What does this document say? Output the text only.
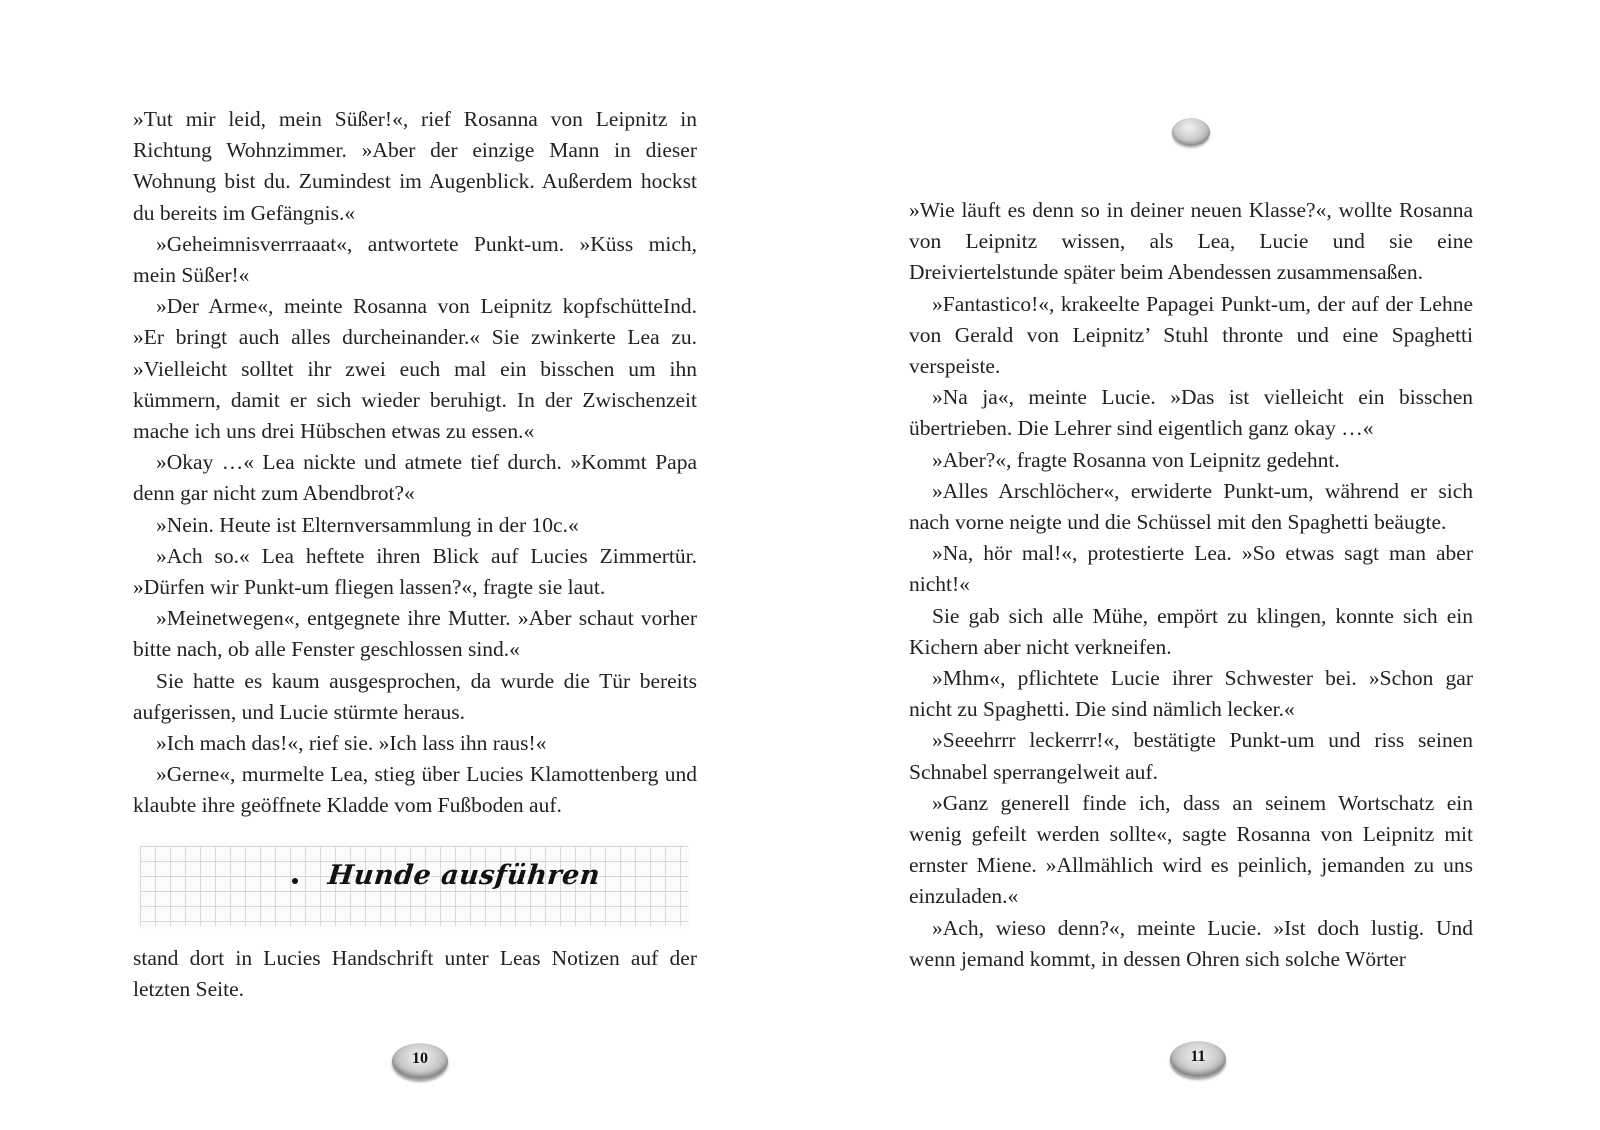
»Tut mir leid, mein Süßer!«, rief Rosanna von Leipnitz in Richtung Wohnzimmer. »Aber der einzige Mann in dieser Wohnung bist du. Zumindest im Augenblick. Außerdem hockst du bereits im Gefängnis.«

»Geheimnisverrraaat«, antwortete Punkt-um. »Küss mich, mein Süßer!«

»Der Arme«, meinte Rosanna von Leipnitz kopfschütteInd. »Er bringt auch alles durcheinander.« Sie zwinkerte Lea zu. »Vielleicht solltet ihr zwei euch mal ein bisschen um ihn kümmern, damit er sich wieder beruhigt. In der Zwischenzeit mache ich uns drei Hübschen etwas zu essen.«

»Okay …« Lea nickte und atmete tief durch. »Kommt Papa denn gar nicht zum Abendbrot?«

»Nein. Heute ist Elternversammlung in der 10c.«

»Ach so.« Lea heftete ihren Blick auf Lucies Zimmertür. »Dürfen wir Punkt-um fliegen lassen?«, fragte sie laut.

»Meinetwegen«, entgegnete ihre Mutter. »Aber schaut vorher bitte nach, ob alle Fenster geschlossen sind.«

Sie hatte es kaum ausgesprochen, da wurde die Tür bereits aufgerissen, und Lucie stürmte heraus.

»Ich mach das!«, rief sie. »Ich lass ihn raus!«

»Gerne«, murmelte Lea, stieg über Lucies Klamottenberg und klaubte ihre geöffnete Kladde vom Fußboden auf.

Hunde ausführen

stand dort in Lucies Handschrift unter Leas Notizen auf der letzten Seite.

10

»Wie läuft es denn so in deiner neuen Klasse?«, wollte Rosanna von Leipnitz wissen, als Lea, Lucie und sie eine Dreiviertelstunde später beim Abendessen zusammensaßen.

»Fantastico!«, krakeelte Papagei Punkt-um, der auf der Lehne von Gerald von Leipnitz’ Stuhl thronte und eine Spaghetti verspeiste.

»Na ja«, meinte Lucie. »Das ist vielleicht ein bisschen übertrieben. Die Lehrer sind eigentlich ganz okay …«

»Aber?«, fragte Rosanna von Leipnitz gedehnt.

»Alles Arschlöcher«, erwiderte Punkt-um, während er sich nach vorne neigte und die Schüssel mit den Spaghetti beäugte.

»Na, hör mal!«, protestierte Lea. »So etwas sagt man aber nicht!«

Sie gab sich alle Mühe, empört zu klingen, konnte sich ein Kichern aber nicht verkneifen.

»Mhm«, pflichtete Lucie ihrer Schwester bei. »Schon gar nicht zu Spaghetti. Die sind nämlich lecker.«

»Seeehrrr leckerrr!«, bestätigte Punkt-um und riss seinen Schnabel sperrangelweit auf.

»Ganz generell finde ich, dass an seinem Wortschatz ein wenig gefeilt werden sollte«, sagte Rosanna von Leipnitz mit ernster Miene. »Allmählich wird es peinlich, jemanden zu uns einzuladen.«

»Ach, wieso denn?«, meinte Lucie. »Ist doch lustig. Und wenn jemand kommt, in dessen Ohren sich solche Wörter

11
